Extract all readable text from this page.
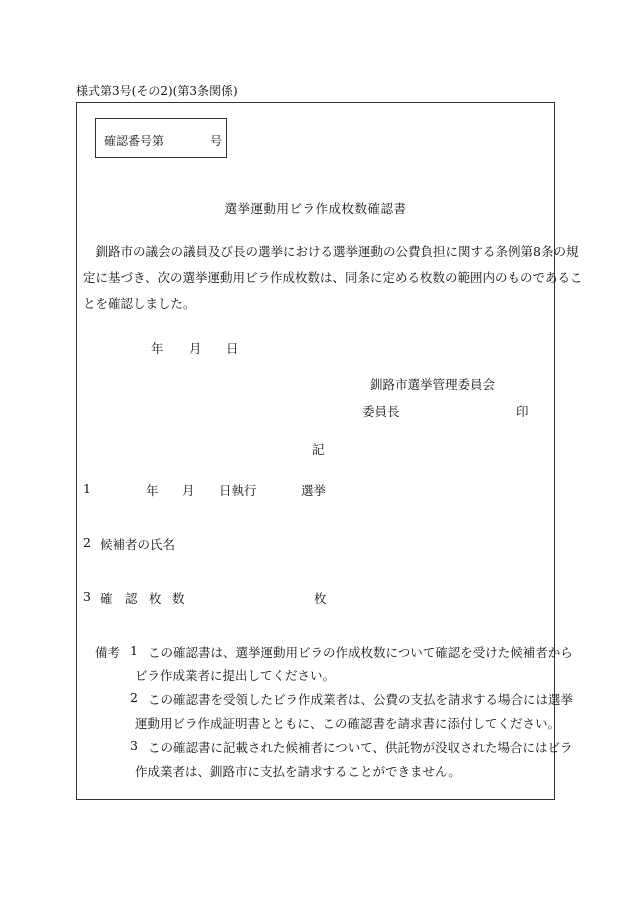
様式第3号(その2)(第3条関係)
確認番号第	号
選挙運動用ビラ作成枚数確認書
　釧路市の議会の議員及び長の選挙における選挙運動の公費負担に関する条例第8条の規
定に基づき、次の選挙運動用ビラ作成枚数は、同条に定める枚数の範囲内のものであるこ
とを確認しました。
年 月 日
釧路市選挙管理委員会
委員長	印
記
1	年 月 日執行	選挙
2 候補者の氏名
3 確 認 枚 数	枚
備考 1 この確認書は、選挙運動用ビラの作成枚数について確認を受けた候補者から
ビラ作成業者に提出してください。
2 この確認書を受領したビラ作成業者は、公費の支払を請求する場合には選挙
運動用ビラ作成証明書とともに、この確認書を請求書に添付してください。
3 この確認書に記載された候補者について、供託物が没収された場合にはビラ
作成業者は、釧路市に支払を請求することができません。
